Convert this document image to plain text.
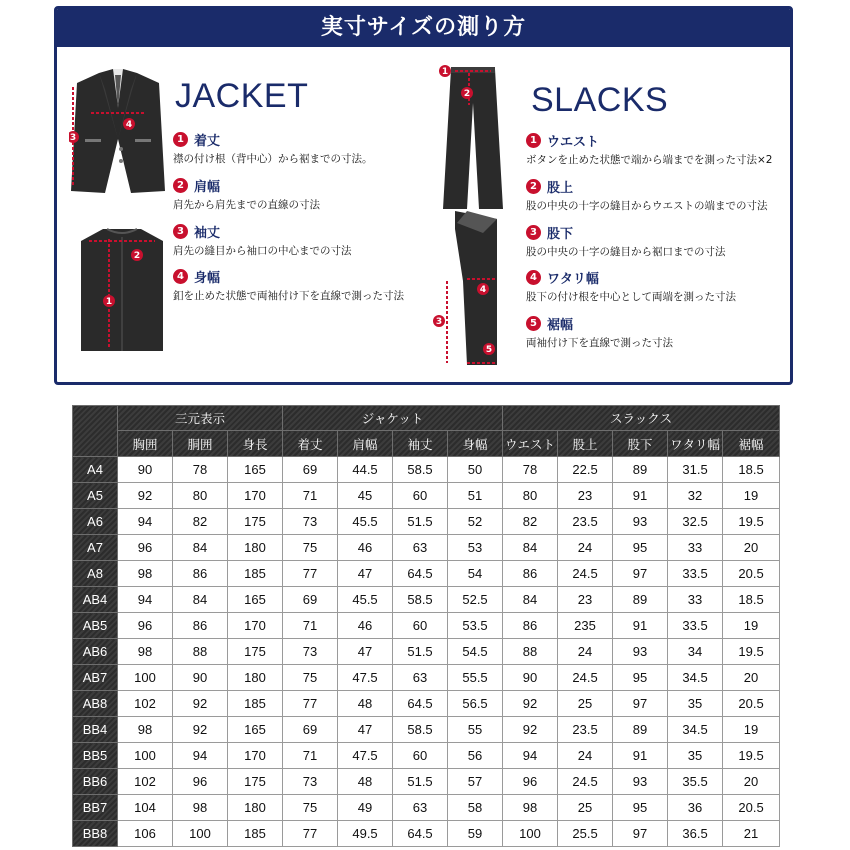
実寸サイズの測り方
3
4
2
1
JACKET
1 着丈
襟の付け根（背中心）から裾までの寸法。
2 肩幅
肩先から肩先までの直線の寸法
3 袖丈
肩先の縫目から袖口の中心までの寸法
4 身幅
釦を止めた状態で両袖付け下を直線で測った寸法
1
2
3
4
5
SLACKS
1 ウエスト
ボタンを止めた状態で端から端までを測った寸法×2
2 股上
股の中央の十字の縫目からウエストの端までの寸法
3 股下
股の中央の十字の縫目から裾口までの寸法
4 ワタリ幅
股下の付け根を中心として両端を測った寸法
5 裾幅
両袖付け下を直線で測った寸法
	三元表示			ジャケット				スラックス				
	胸囲	胴囲	身長	着丈	肩幅	袖丈	身幅	ウエスト	股上	股下	ワタリ幅	裾幅
A4	90	78	165	69	44.5	58.5	50	78	22.5	89	31.5	18.5
A5	92	80	170	71	45	60	51	80	23	91	32	19
A6	94	82	175	73	45.5	51.5	52	82	23.5	93	32.5	19.5
A7	96	84	180	75	46	63	53	84	24	95	33	20
A8	98	86	185	77	47	64.5	54	86	24.5	97	33.5	20.5
AB4	94	84	165	69	45.5	58.5	52.5	84	23	89	33	18.5
AB5	96	86	170	71	46	60	53.5	86	235	91	33.5	19
AB6	98	88	175	73	47	51.5	54.5	88	24	93	34	19.5
AB7	100	90	180	75	47.5	63	55.5	90	24.5	95	34.5	20
AB8	102	92	185	77	48	64.5	56.5	92	25	97	35	20.5
BB4	98	92	165	69	47	58.5	55	92	23.5	89	34.5	19
BB5	100	94	170	71	47.5	60	56	94	24	91	35	19.5
BB6	102	96	175	73	48	51.5	57	96	24.5	93	35.5	20
BB7	104	98	180	75	49	63	58	98	25	95	36	20.5
BB8	106	100	185	77	49.5	64.5	59	100	25.5	97	36.5	21
